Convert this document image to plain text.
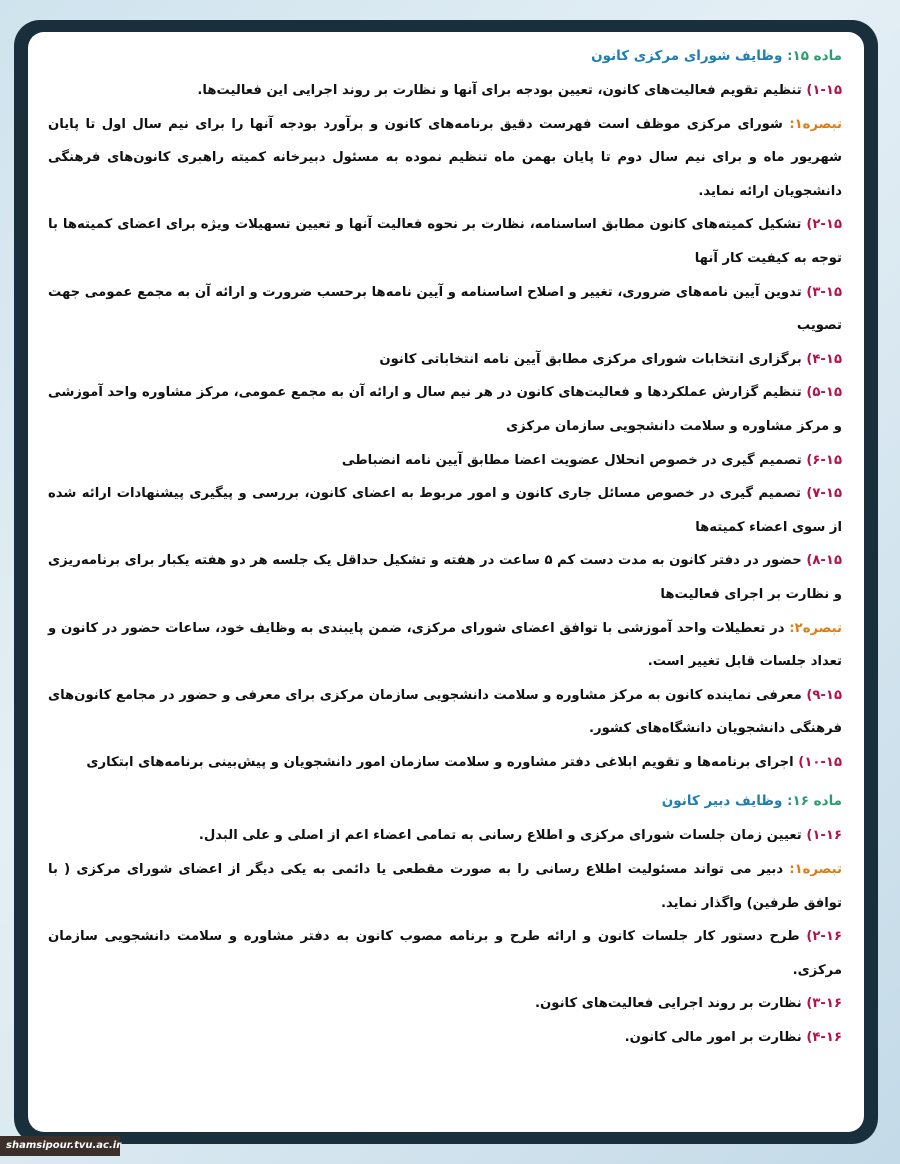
ماده ۱۵: وظایف شورای مرکزی کانون
۱-۱۵) تنظیم تقویم فعالیت‌های کانون، تعیین بودجه برای آنها و نظارت بر روند اجرایی این فعالیت‌ها.
تبصره۱: شورای مرکزی موظف است فهرست دقیق برنامه‌های کانون و برآورد بودجه آنها را برای نیم سال اول تا پایان شهریور ماه و برای نیم سال دوم تا پایان بهمن ماه تنظیم نموده به مسئول دبیرخانه کمیته راهبری کانون‌های فرهنگی دانشجویان ارائه نماید.
۲-۱۵) تشکیل کمیته‌های کانون مطابق اساسنامه، نظارت بر نحوه فعالیت آنها و تعیین تسهیلات ویژه برای اعضای کمیته‌ها با توجه به کیفیت کار آنها
۳-۱۵) تدوین آیین نامه‌های ضروری، تغییر و اصلاح اساسنامه و آیین نامه‌ها برحسب ضرورت و ارائه آن به مجمع عمومی جهت تصویب
۴-۱۵) برگزاری انتخابات شورای مرکزی مطابق آیین نامه انتخاباتی کانون
۵-۱۵) تنظیم گزارش عملکردها و فعالیت‌های کانون در هر نیم سال و ارائه آن به مجمع عمومی، مرکز مشاوره واحد آموزشی و مرکز مشاوره و سلامت دانشجویی سازمان مرکزی
۶-۱۵) تصمیم گیری در خصوص انحلال عضویت اعضا مطابق آیین نامه انضباطی
۷-۱۵) تصمیم گیری در خصوص مسائل جاری کانون و امور مربوط به اعضای کانون، بررسی و پیگیری پیشنهادات ارائه شده از سوی اعضاء کمیته‌ها
۸-۱۵) حضور در دفتر کانون به مدت دست کم ۵ ساعت در هفته و تشکیل حداقل یک جلسه هر دو هفته یکبار برای برنامه‌ریزی و نظارت بر اجرای فعالیت‌ها
تبصره۲: در تعطیلات واحد آموزشی با توافق اعضای شورای مرکزی، ضمن پایبندی به وظایف خود، ساعات حضور در کانون و تعداد جلسات قابل تغییر است.
۹-۱۵) معرفی نماینده کانون به مرکز مشاوره و سلامت دانشجویی سازمان مرکزی برای معرفی و حضور در مجامع کانون‌های فرهنگی دانشجویان دانشگاه‌های کشور.
۱۰-۱۵) اجرای برنامه‌ها و تقویم ابلاغی دفتر مشاوره و سلامت سازمان امور دانشجویان و پیش‌بینی برنامه‌های ابتکاری
ماده ۱۶: وظایف دبیر کانون
۱-۱۶) تعیین زمان جلسات شورای مرکزی و اطلاع رسانی به تمامی اعضاء اعم از اصلی و علی البدل.
تبصره۱: دبیر می تواند مسئولیت اطلاع رسانی را به صورت مقطعی یا دائمی به یکی دیگر از اعضای شورای مرکزی ( با توافق طرفین) واگذار نماید.
۲-۱۶) طرح دستور کار جلسات کانون و ارائه طرح و برنامه مصوب کانون به دفتر مشاوره و سلامت دانشجویی سازمان مرکزی.
۳-۱۶) نظارت بر روند اجرایی فعالیت‌های کانون.
۴-۱۶) نظارت بر امور مالی کانون.
shamsipour.tvu.ac.ir
